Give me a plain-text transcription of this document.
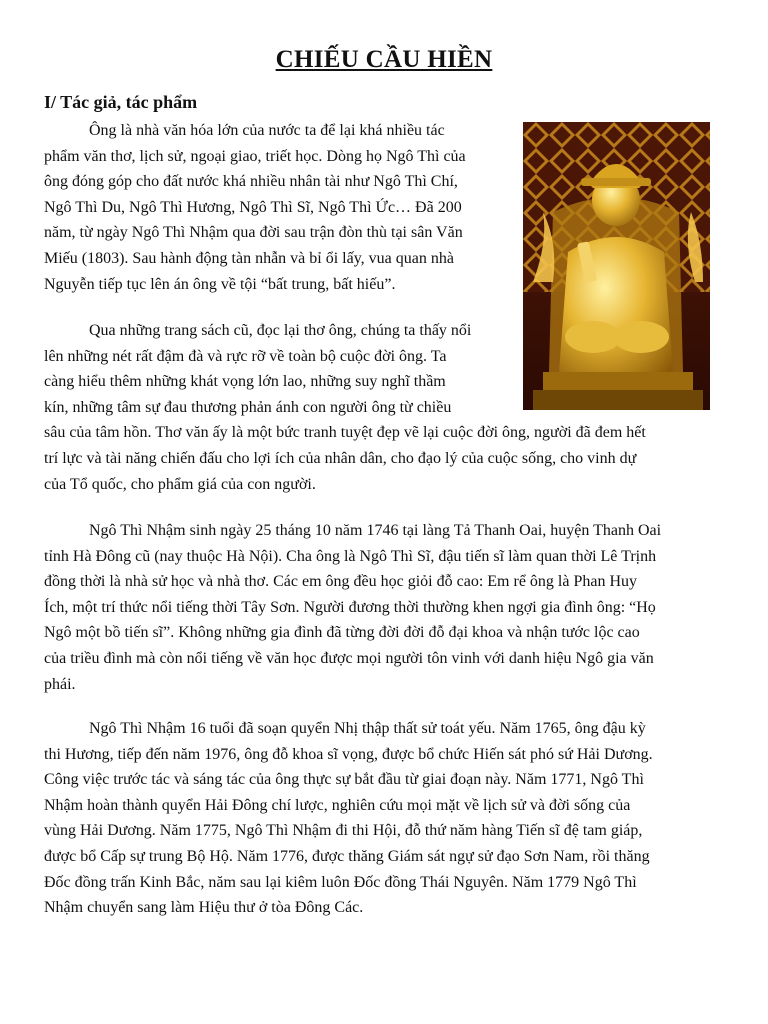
CHIẾU CẦU HIỀN
I/ Tác giả, tác phẩm
Ông là nhà văn hóa lớn của nước ta để lại khá nhiều tác
phẩm văn thơ, lịch sử, ngoại giao, triết học. Dòng họ Ngô Thì của
ông đóng góp cho đất nước khá nhiều nhân tài như Ngô Thì Chí,
Ngô Thì Du, Ngô Thì Hương, Ngô Thì Sĩ, Ngô Thì Ức… Đã 200
năm, từ ngày Ngô Thì Nhậm qua đời sau trận đòn thù tại sân Văn
Miếu (1803). Sau hành động tàn nhẫn và bỉ ổi lấy, vua quan nhà
Nguyễn tiếp tục lên án ông về tội “bất trung, bất hiếu”.
Qua những trang sách cũ, đọc lại thơ ông, chúng ta thấy nổi
lên những nét rất đậm đà và rực rỡ về toàn bộ cuộc đời ông. Ta
càng hiểu thêm những khát vọng lớn lao, những suy nghĩ thầm
kín, những tâm sự đau thương phản ánh con người ông từ chiều
sâu của tâm hồn. Thơ văn ấy là một bức tranh tuyệt đẹp vẽ lại cuộc đời ông, người đã đem hết
trí lực và tài năng chiến đấu cho lợi ích của nhân dân, cho đạo lý của cuộc sống, cho vinh dự
của Tổ quốc, cho phẩm giá của con người.
Ngô Thì Nhậm sinh ngày 25 tháng 10 năm 1746 tại làng Tả Thanh Oai, huyện Thanh Oai
tỉnh Hà Đông cũ (nay thuộc Hà Nội). Cha ông là Ngô Thì Sĩ, đậu tiến sĩ làm quan thời Lê Trịnh
đồng thời là nhà sử học và nhà thơ. Các em ông đều học giỏi đỗ cao: Em rể ông là Phan Huy
Ích, một trí thức nổi tiếng thời Tây Sơn. Người đương thời thường khen ngợi gia đình ông: “Họ
Ngô một bồ tiến sĩ”. Không những gia đình đã từng đời đời đỗ đại khoa và nhận tước lộc cao
của triều đình mà còn nổi tiếng về văn học được mọi người tôn vinh với danh hiệu Ngô gia văn
phái.
Ngô Thì Nhậm 16 tuổi đã soạn quyển Nhị thập thất sử toát yếu. Năm 1765, ông đậu kỳ
thi Hương, tiếp đến năm 1976, ông đỗ khoa sĩ vọng, được bổ chức Hiến sát phó sứ Hải Dương.
Công việc trước tác và sáng tác của ông thực sự bắt đầu từ giai đoạn này. Năm 1771, Ngô Thì
Nhậm hoàn thành quyển Hải Đông chí lược, nghiên cứu mọi mặt về lịch sử và đời sống của
vùng Hải Dương. Năm 1775, Ngô Thì Nhậm đi thi Hội, đỗ thứ năm hàng Tiến sĩ đệ tam giáp,
được bổ Cấp sự trung Bộ Hộ. Năm 1776, được thăng Giám sát ngự sử đạo Sơn Nam, rồi thăng
Đốc đồng trấn Kinh Bắc, năm sau lại kiêm luôn Đốc đồng Thái Nguyên. Năm 1779 Ngô Thì
Nhậm chuyển sang làm Hiệu thư ở tòa Đông Các.
